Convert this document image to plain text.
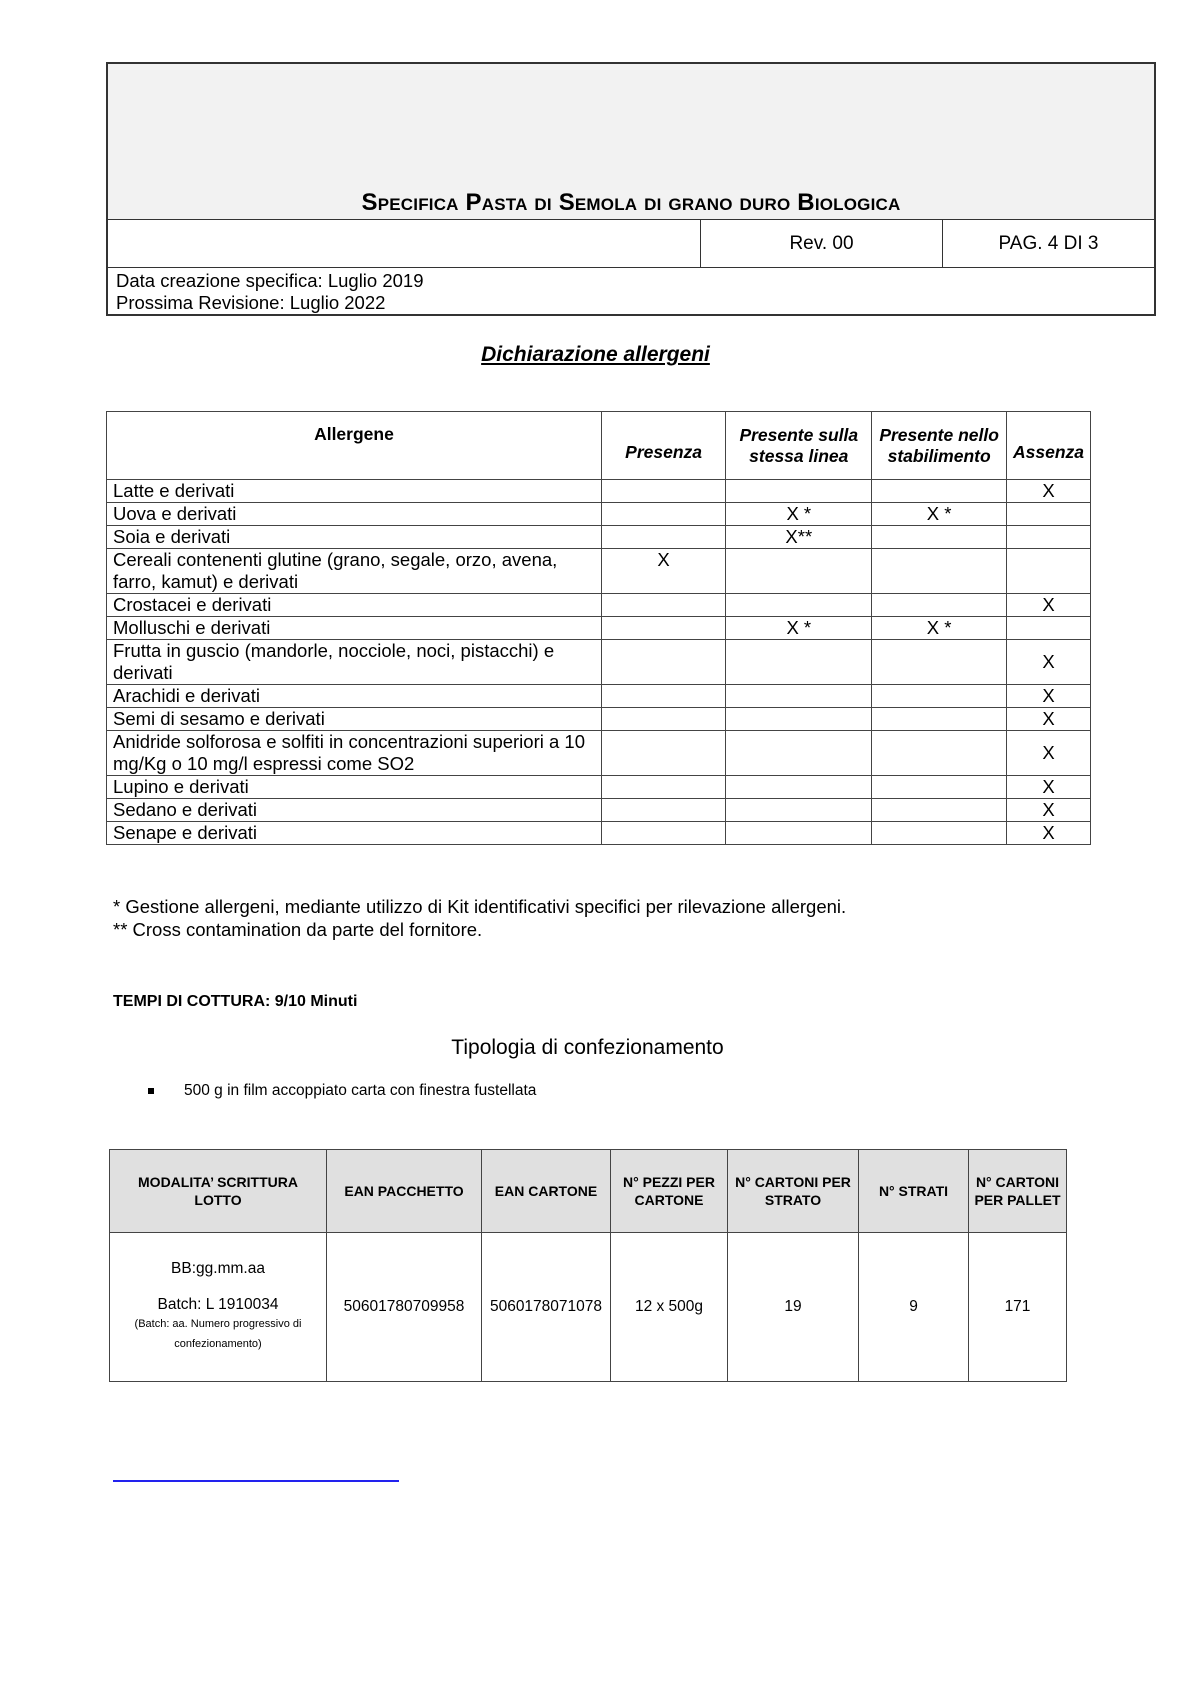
Specifica Pasta di Semola di grano duro Biologica
Rev. 00	PAG. 4 DI 3
Data creazione specifica: Luglio 2019
Prossima Revisione: Luglio 2022
Dichiarazione allergeni
Allergene	Presenza	Presente sulla stessa linea	Presente nello stabilimento	Assenza
Latte e derivati				X
Uova e derivati		X *	X *	
Soia e derivati		X**		
Cereali contenenti glutine (grano, segale, orzo, avena, farro, kamut) e derivati	X			
Crostacei e derivati				X
Molluschi e derivati		X *	X *	
Frutta in guscio (mandorle, nocciole, noci, pistacchi) e derivati				X
Arachidi e derivati				X
Semi di sesamo e derivati				X
Anidride solforosa e solfiti in concentrazioni superiori a 10 mg/Kg o 10 mg/l espressi come SO2				X
Lupino e derivati				X
Sedano e derivati				X
Senape e derivati				X
* Gestione allergeni, mediante utilizzo di Kit identificativi specifici per rilevazione allergeni.
** Cross contamination da parte del fornitore.
TEMPI DI COTTURA: 9/10 Minuti
Tipologia di confezionamento
500 g in film accoppiato carta con finestra fustellata
MODALITA’ SCRITTURA LOTTO	EAN PACCHETTO	EAN CARTONE	N° PEZZI PER CARTONE	N° CARTONI PER STRATO	N° STRATI	N° CARTONI PER PALLET

BB:gg.mm.aa
Batch: L 1910034
(Batch: aa. Numero progressivo di confezionamento)	50601780709958	5060178071078	12 x 500g	19	9	171
